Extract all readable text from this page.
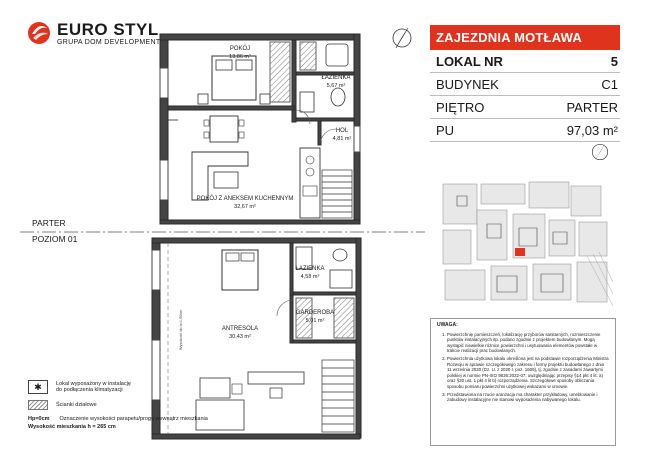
EURO STYL
GRUPA DOM DEVELOPMENT
POKÓJ
13,86 m²
ŁAZIENKA
5,67 m²
HOL
4,81 m²
POKÓJ Z ANEKSEM KUCHENNYM
32,67 m²
ŁAZIENKA
4,58 m²
GARDEROBA
5,01 m²
ANTRESOLA
30,43 m²
Wysokość do h=1,90cm
PARTER
POZIOM 01
ZAJEZDNIA MOTŁAWA
LOKAL NR	5
BUDYNEK	C1
PIĘTRO	PARTER
PU	97,03 m²
UWAGA:
1. Powierzchnię pomieszczeń, lokalizację przyborów sanitarnych, rozmieszczenie punktów instalacyjnych itp. podano zgodnie z projektem budowlanym. Mogą wystąpić niewielkie różnice powierzchni i usytuowania elementów powstałe w trakcie realizacji prac budowlanych.
2. Powierzchnia użytkowa lokalu określona jest na podstawie rozporządzenia Ministra Rozwoju w sprawie szczegółowego zakresu i formy projektu budowlanego z dnia 11 września 2020 (Dz. U. z 2020 r. poz. 1609), tj. zgodnie z zasadami zawartymi polskiej w normie PN-ISO 9836:2022-07, uwzględniając przepisy §14 pkt 4 lit. a) oraz §20 ust. 1 pkt 4 lit b) rozporządzenia. Szczegółowe sposoby obliczania sposobu pomiaru powierzchni użytkowej wskazano w umowie.
3. Przedstawiona na rzucie aranżacja ma charakter przykładowy, umeblowanie i zabudowy instalacyjne nie stanowi wyposażenia nabywanego lokalu.
✱	Lokal wyposażony w instalację
do podłączenia klimatyzacji
Ścianki działowe
Hp=0cm Oznaczenie wysokości parapetu/progu wewnątrz mieszkania
Wysokość mieszkania h = 265 cm
